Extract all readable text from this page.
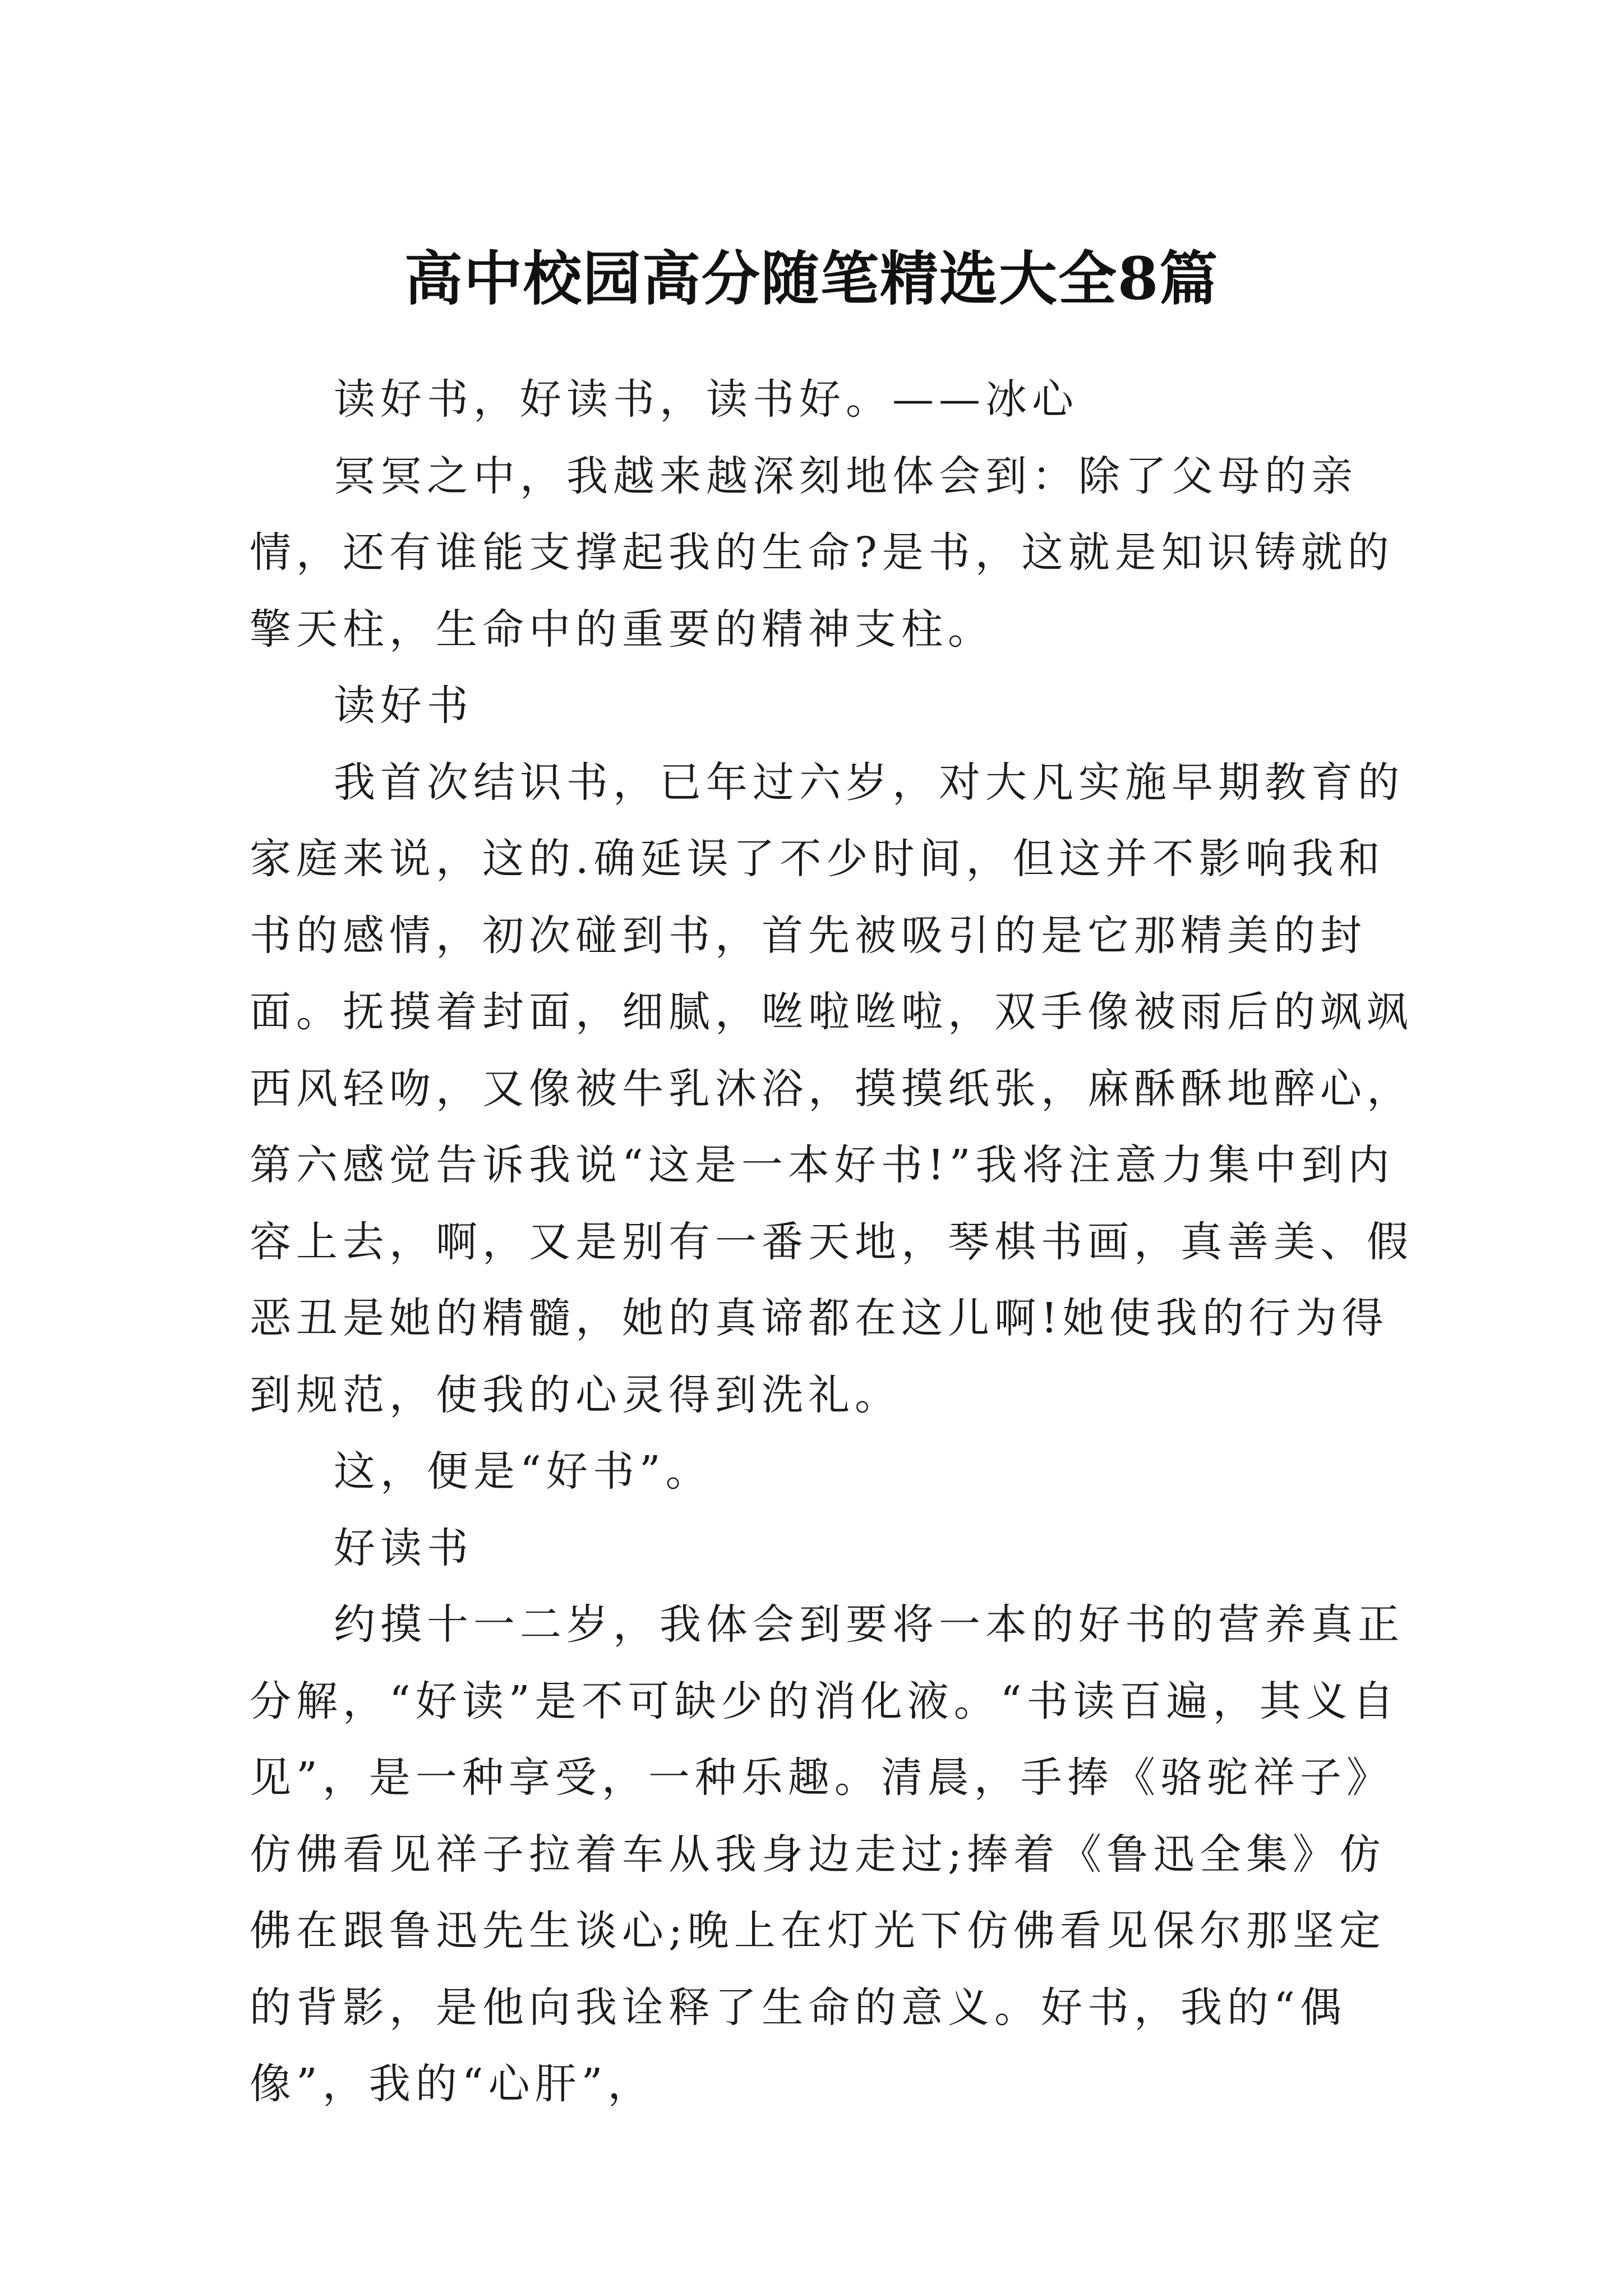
高中校园高分随笔精选大全8篇

读好书，好读书，读书好。——冰心

冥冥之中，我越来越深刻地体会到：除了父母的亲情，还有谁能支撑起我的生命?是书，这就是知识铸就的擎天柱，生命中的重要的精神支柱。

读好书

我首次结识书，已年过六岁，对大凡实施早期教育的家庭来说，这的.确延误了不少时间，但这并不影响我和书的感情，初次碰到书，首先被吸引的是它那精美的封面。抚摸着封面，细腻，咝啦咝啦，双手像被雨后的飒飒西风轻吻，又像被牛乳沐浴，摸摸纸张，麻酥酥地醉心，第六感觉告诉我说“这是一本好书!”我将注意力集中到内容上去，啊，又是别有一番天地，琴棋书画，真善美、假恶丑是她的精髓，她的真谛都在这儿啊!她使我的行为得到规范，使我的心灵得到洗礼。

这，便是“好书”。

好读书

约摸十一二岁，我体会到要将一本的好书的营养真正分解，“好读”是不可缺少的消化液。“书读百遍，其义自见”，是一种享受，一种乐趣。清晨，手捧《骆驼祥子》仿佛看见祥子拉着车从我身边走过;捧着《鲁迅全集》仿佛在跟鲁迅先生谈心;晚上在灯光下仿佛看见保尔那坚定的背影，是他向我诠释了生命的意义。好书，我的“偶像”，我的“心肝”，
